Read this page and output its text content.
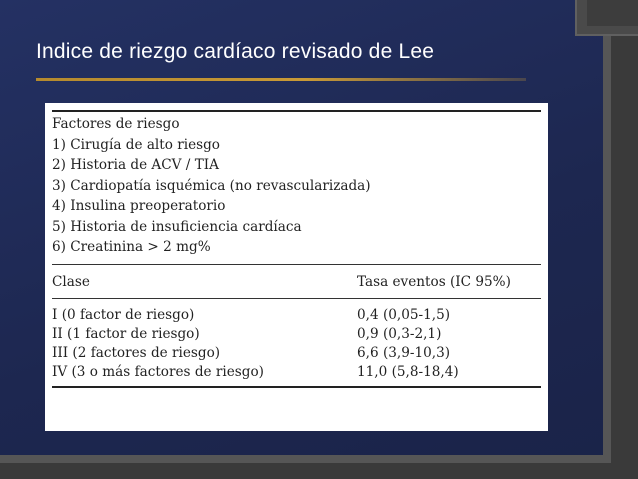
Indice de riezgo cardíaco revisado de Lee
Factores de riesgo
1) Cirugía de alto riesgo
2) Historia de ACV / TIA
3) Cardiopatía isquémica (no revascularizada)
4) Insulina preoperatorio
5) Historia de insuficiencia cardíaca
6) Creatinina > 2 mg%
Clase	Tasa eventos (IC 95%)
I (0 factor de riesgo)	0,4 (0,05-1,5)
II (1 factor de riesgo)	0,9 (0,3-2,1)
III (2 factores de riesgo)	6,6 (3,9-10,3)
IV (3 o más factores de riesgo)	11,0 (5,8-18,4)
